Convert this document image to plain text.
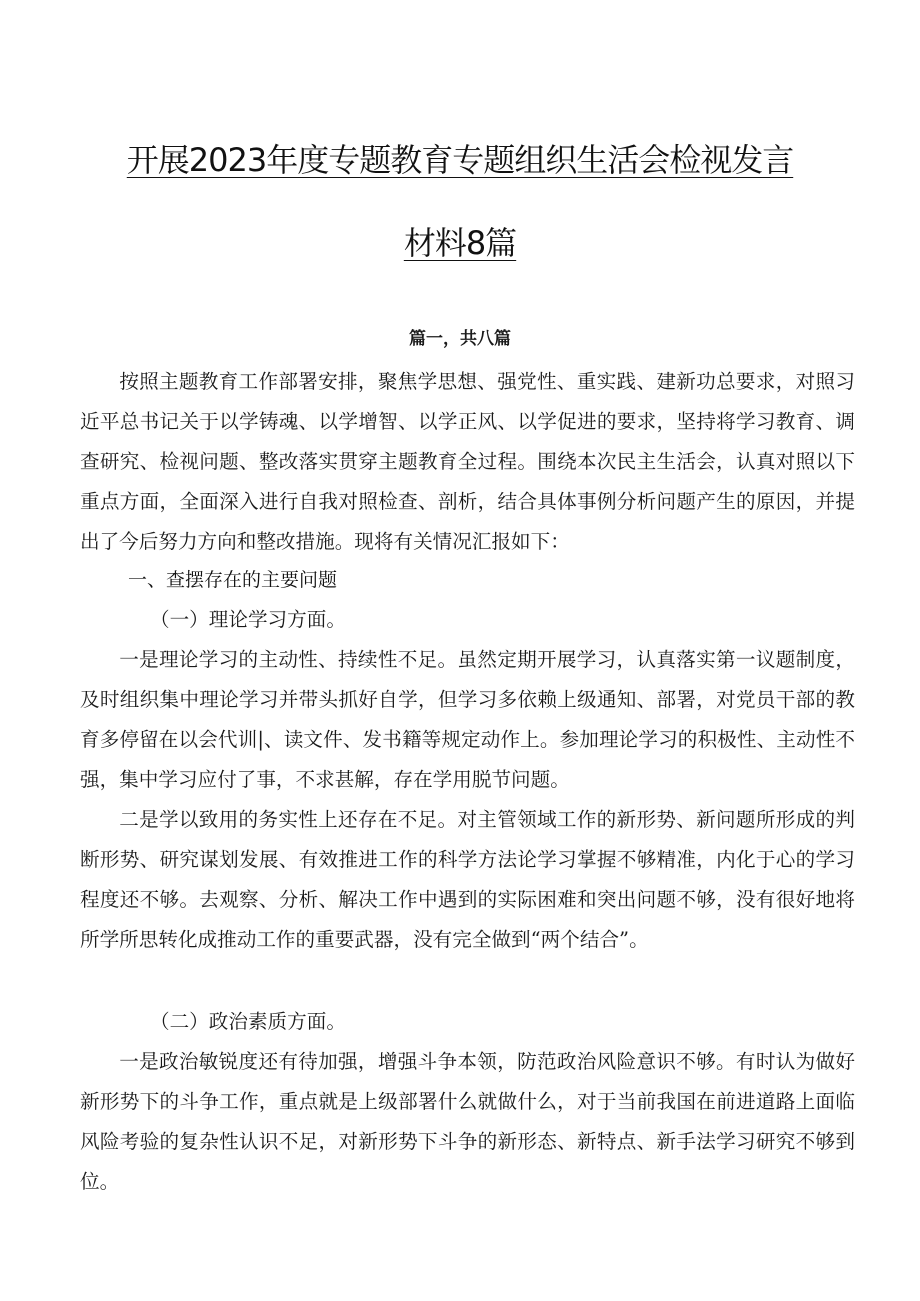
开展2023年度专题教育专题组织生活会检视发言
材料8篇
篇一，共八篇

按照主题教育工作部署安排，聚焦学思想、强党性、重实践、建新功总要求，对照习近平总书记关于以学铸魂、以学增智、以学正风、以学促进的要求，坚持将学习教育、调查研究、检视问题、整改落实贯穿主题教育全过程。围绕本次民主生活会，认真对照以下重点方面，全面深入进行自我对照检查、剖析，结合具体事例分析问题产生的原因，并提出了今后努力方向和整改措施。现将有关情况汇报如下：

一、查摆存在的主要问题
（一）理论学习方面。

一是理论学习的主动性、持续性不足。虽然定期开展学习，认真落实第一议题制度，及时组织集中理论学习并带头抓好自学，但学习多依赖上级通知、部署，对党员干部的教育多停留在以会代训|、读文件、发书籍等规定动作上。参加理论学习的积极性、主动性不强，集中学习应付了事，不求甚解，存在学用脱节问题。

二是学以致用的务实性上还存在不足。对主管领域工作的新形势、新问题所形成的判断形势、研究谋划发展、有效推进工作的科学方法论学习掌握不够精准，内化于心的学习程度还不够。去观察、分析、解决工作中遇到的实际困难和突出问题不够，没有很好地将所学所思转化成推动工作的重要武器，没有完全做到“两个结合”。

（二）政治素质方面。

一是政治敏锐度还有待加强，增强斗争本领，防范政治风险意识不够。有时认为做好新形势下的斗争工作，重点就是上级部署什么就做什么，对于当前我国在前进道路上面临风险考验的复杂性认识不足，对新形势下斗争的新形态、新特点、新手法学习研究不够到位。
